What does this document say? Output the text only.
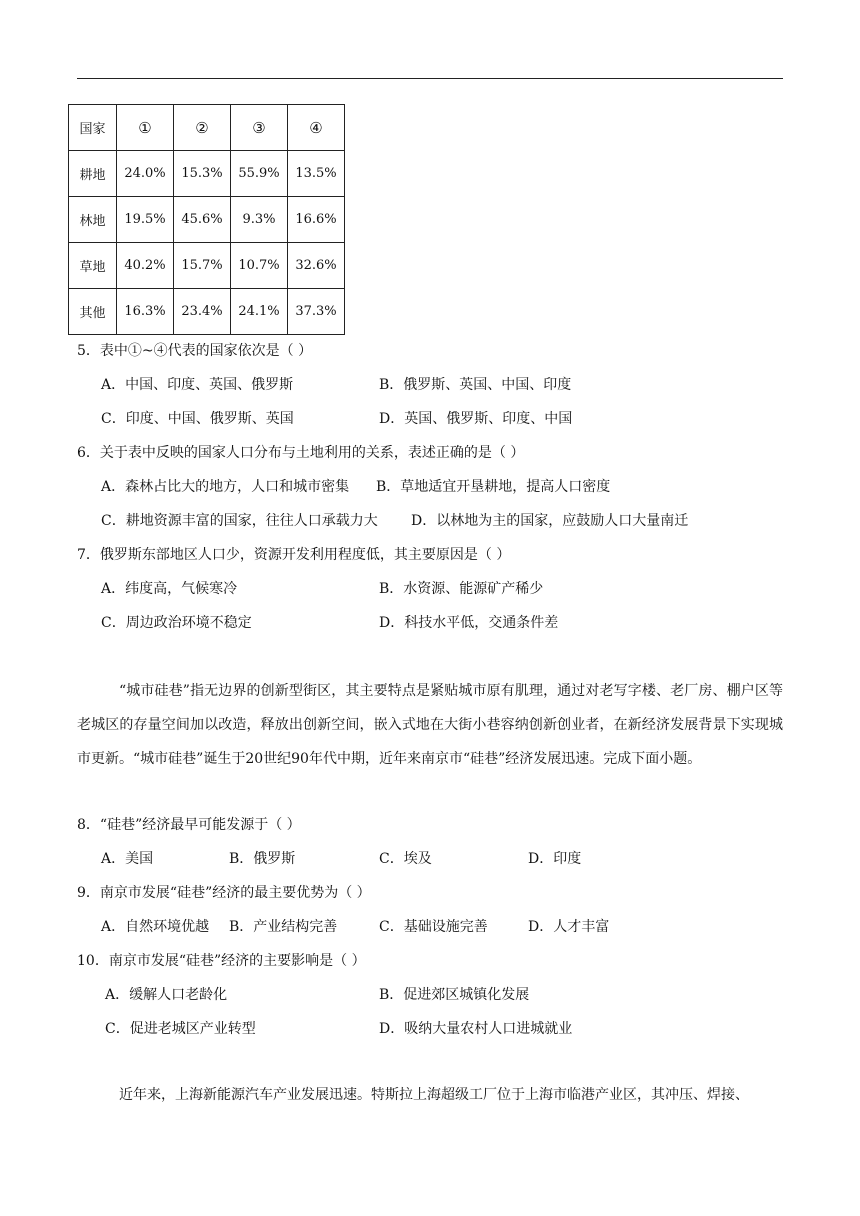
国家	①	②	③	④
耕地	24.0%	15.3%	55.9%	13.5%
林地	19.5%	45.6%	9.3%	16.6%
草地	40.2%	15.7%	10.7%	32.6%
其他	16.3%	23.4%	24.1%	37.3%
5．表中①~④代表的国家依次是（ ）
A．中国、印度、英国、俄罗斯	B．俄罗斯、英国、中国、印度
C．印度、中国、俄罗斯、英国	D．英国、俄罗斯、印度、中国
6．关于表中反映的国家人口分布与土地利用的关系，表述正确的是（ ）
A．森林占比大的地方，人口和城市密集 B．草地适宜开垦耕地，提高人口密度
C．耕地资源丰富的国家，往往人口承载力大 D．以林地为主的国家，应鼓励人口大量南迁
7．俄罗斯东部地区人口少，资源开发利用程度低，其主要原因是（ ）
A．纬度高，气候寒冷	B．水资源、能源矿产稀少
C．周边政治环境不稳定	D．科技水平低，交通条件差
“城市硅巷”指无边界的创新型街区，其主要特点是紧贴城市原有肌理，通过对老写字楼、老厂房、棚户区等老城区的存量空间加以改造，释放出创新空间，嵌入式地在大街小巷容纳创新创业者，在新经济发展背景下实现城市更新。“城市硅巷”诞生于20世纪90年代中期，近年来南京市“硅巷”经济发展迅速。完成下面小题。
8．“硅巷”经济最早可能发源于（ ）
A．美国	B．俄罗斯	C．埃及	D．印度
9．南京市发展“硅巷”经济的最主要优势为（ ）
A．自然环境优越 B．产业结构完善	C．基础设施完善	D．人才丰富
10．南京市发展“硅巷”经济的主要影响是（ ）
A．缓解人口老龄化	B．促进郊区城镇化发展
C．促进老城区产业转型	D．吸纳大量农村人口进城就业
近年来，上海新能源汽车产业发展迅速。特斯拉上海超级工厂位于上海市临港产业区，其冲压、焊接、
